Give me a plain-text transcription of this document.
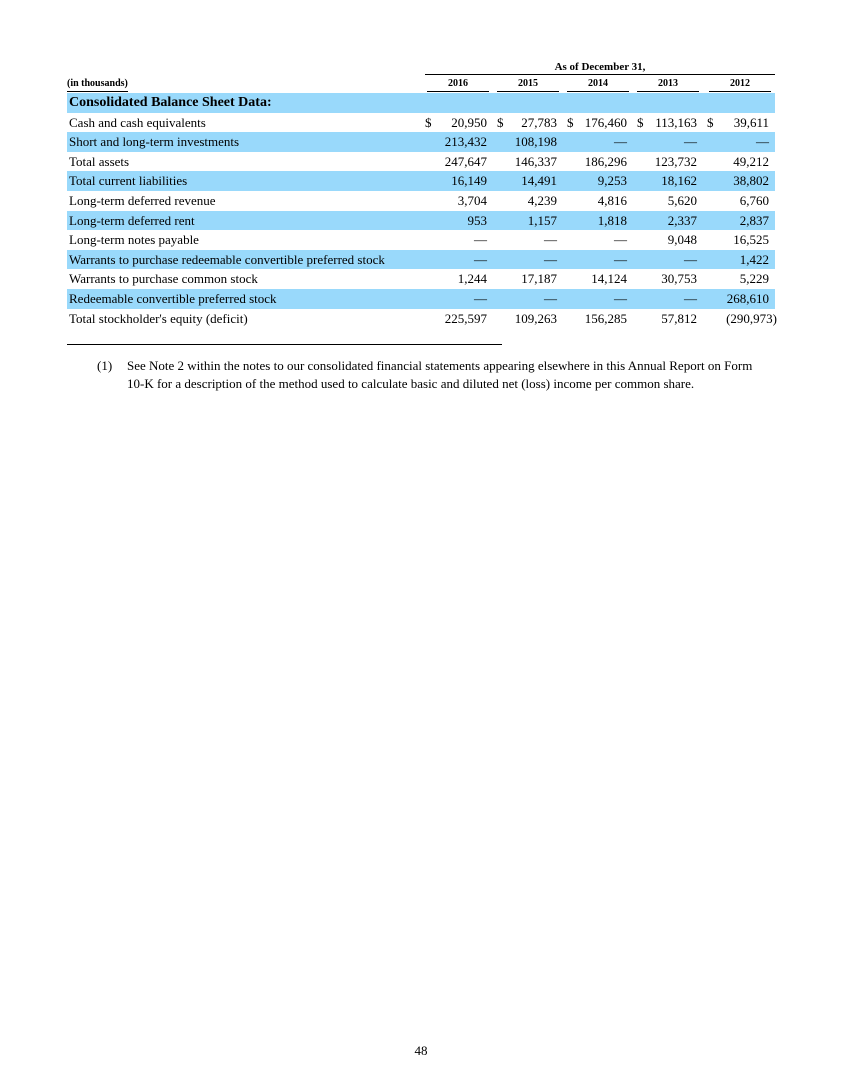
As of December 31,
(in thousands)	2016	2015	2014	2013	2012
Consolidated Balance Sheet Data:
Cash and cash equivalents	$	20,950 $	27,783 $ 176,460 $ 113,163 $	39,611
Short and long-term investments	213,432	108,198	—	—	—
Total assets	247,647	146,337	186,296	123,732	49,212
Total current liabilities	16,149	14,491	9,253	18,162	38,802
Long-term deferred revenue	3,704	4,239	4,816	5,620	6,760
Long-term deferred rent	953	1,157	1,818	2,337	2,837
Long-term notes payable	—	—	—	9,048	16,525
Warrants to purchase redeemable convertible preferred stock	—	—	—	—	1,422
Warrants to purchase common stock	1,244	17,187	14,124	30,753	5,229
Redeemable convertible preferred stock	—	—	—	—	268,610
Total stockholder's equity (deficit)	225,597	109,263	156,285	57,812	(290,973)
(1) See Note 2 within the notes to our consolidated financial statements appearing elsewhere in this Annual Report on Form 10-K for a description of the method used to calculate basic and diluted net (loss) income per common share.
48
